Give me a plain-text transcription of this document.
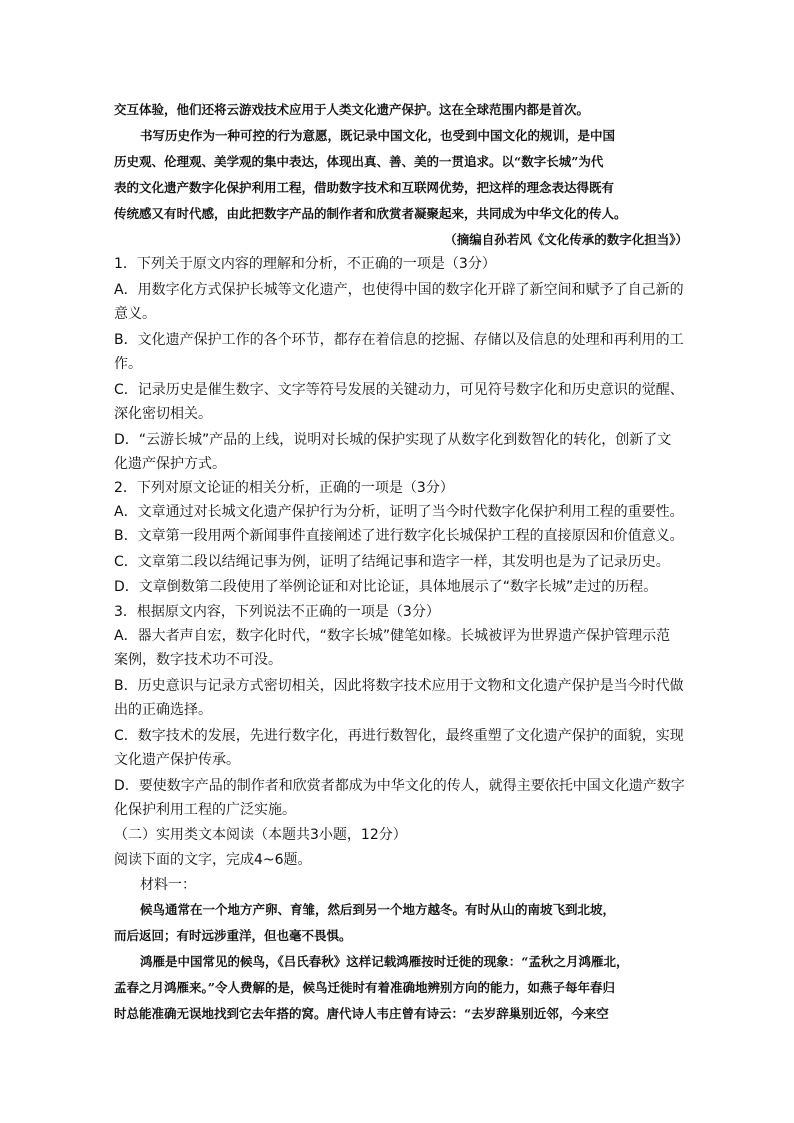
交互体验，他们还将云游戏技术应用于人类文化遗产保护。这在全球范围内都是首次。
书写历史作为一种可控的行为意愿，既记录中国文化，也受到中国文化的规训，是中国
历史观、伦理观、美学观的集中表达，体现出真、善、美的一贯追求。以“数字长城”为代
表的文化遗产数字化保护利用工程，借助数字技术和互联网优势，把这样的理念表达得既有
传统感又有时代感，由此把数字产品的制作者和欣赏者凝聚起来，共同成为中华文化的传人。
（摘编自孙若风《文化传承的数字化担当》）
1．下列关于原文内容的理解和分析，不正确的一项是（3分）
A．用数字化方式保护长城等文化遗产，也使得中国的数字化开辟了新空间和赋予了自己新的
意义。
B．文化遗产保护工作的各个环节，都存在着信息的挖掘、存储以及信息的处理和再利用的工
作。
C．记录历史是催生数字、文字等符号发展的关键动力，可见符号数字化和历史意识的觉醒、
深化密切相关。
D．“云游长城”产品的上线，说明对长城的保护实现了从数字化到数智化的转化，创新了文
化遗产保护方式。
2．下列对原文论证的相关分析，正确的一项是（3分）
A．文章通过对长城文化遗产保护行为分析，证明了当今时代数字化保护利用工程的重要性。
B．文章第一段用两个新闻事件直接阐述了进行数字化长城保护工程的直接原因和价值意义。
C．文章第二段以结绳记事为例，证明了结绳记事和造字一样，其发明也是为了记录历史。
D．文章倒数第二段使用了举例论证和对比论证，具体地展示了“数字长城”走过的历程。
3．根据原文内容，下列说法不正确的一项是（3分）
A．器大者声自宏，数字化时代，“数字长城”健笔如椽。长城被评为世界遗产保护管理示范
案例，数字技术功不可没。
B．历史意识与记录方式密切相关，因此将数字技术应用于文物和文化遗产保护是当今时代做
出的正确选择。
C．数字技术的发展，先进行数字化，再进行数智化，最终重塑了文化遗产保护的面貌，实现
文化遗产保护传承。
D．要使数字产品的制作者和欣赏者都成为中华文化的传人，就得主要依托中国文化遗产数字
化保护利用工程的广泛实施。
（二）实用类文本阅读（本题共3小题，12分）
阅读下面的文字，完成4~6题。
材料一：
候鸟通常在一个地方产卵、育雏，然后到另一个地方越冬。有时从山的南坡飞到北坡，
而后返回；有时远涉重洋，但也毫不畏惧。
鸿雁是中国常见的候鸟，《吕氏春秋》这样记载鸿雁按时迁徙的现象：“孟秋之月鸿雁北，
孟春之月鸿雁来。”令人费解的是，候鸟迁徙时有着准确地辨别方向的能力，如燕子每年春归
时总能准确无误地找到它去年搭的窝。唐代诗人韦庄曾有诗云：“去岁辞巢别近邻，今来空
